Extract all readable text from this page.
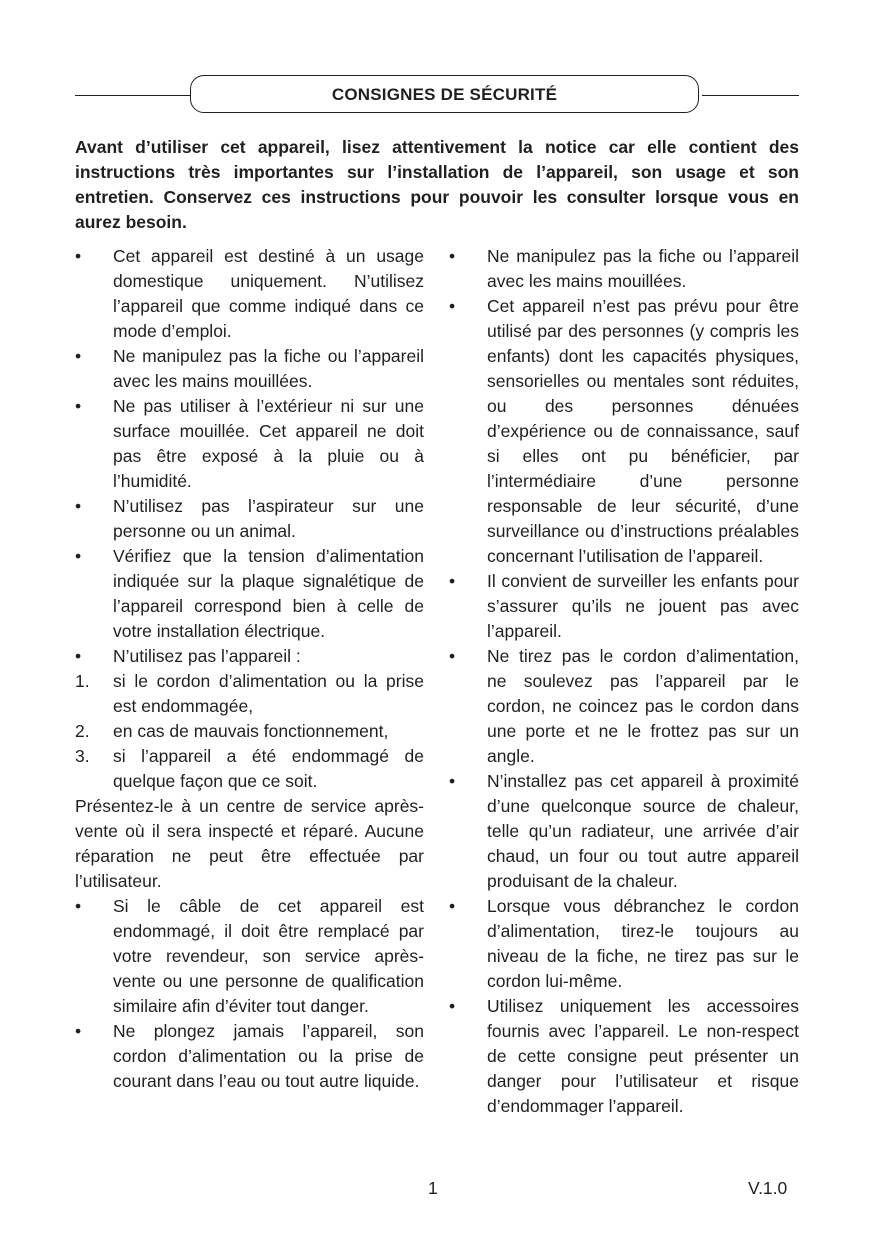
CONSIGNES DE SÉCURITÉ
Avant d’utiliser cet appareil, lisez attentivement la notice car elle contient des instructions très importantes sur l’installation de l’appareil, son usage et son entretien. Conservez ces instructions pour pouvoir les consulter lorsque vous en aurez besoin.
•	Cet appareil est destiné à un usage domestique uniquement. N’utilisez l’appareil que comme indiqué dans ce mode d’emploi.
•	Ne manipulez pas la fiche ou l’appareil avec les mains mouillées.
•	Ne pas utiliser à l’extérieur ni sur une surface mouillée. Cet appareil ne doit pas être exposé à la pluie ou à l’humidité.
•	N’utilisez pas l’aspirateur sur une personne ou un animal.
•	Vérifiez que la tension d’alimentation indiquée sur la plaque signalétique de l’appareil correspond bien à celle de votre installation électrique.
•	N’utilisez pas l’appareil :
1.	si le cordon d’alimentation ou la prise est endommagée,
2.	en cas de mauvais fonctionnement,
3.	si l’appareil a été endommagé de quelque façon que ce soit.
Présentez-le à un centre de service après-vente où il sera inspecté et réparé. Aucune réparation ne peut être effectuée par l’utilisateur.
•	Si le câble de cet appareil est endommagé, il doit être remplacé par votre revendeur, son service après-vente ou une personne de qualification similaire afin d’éviter tout danger.
•	Ne plongez jamais l’appareil, son cordon d’alimentation ou la prise de courant dans l’eau ou tout autre liquide.
•	Ne manipulez pas la fiche ou l’appareil avec les mains mouillées.
•	Cet appareil n’est pas prévu pour être utilisé par des personnes (y compris les enfants) dont les capacités physiques, sensorielles ou mentales sont réduites, ou des personnes dénuées d’expérience ou de connaissance, sauf si elles ont pu bénéficier, par l’intermédiaire d’une personne responsable de leur sécurité, d’une surveillance ou d’instructions préalables concernant l’utilisation de l’appareil.
•	Il convient de surveiller les enfants pour s’assurer qu’ils ne jouent pas avec l’appareil.
•	Ne tirez pas le cordon d’alimentation, ne soulevez pas l’appareil par le cordon, ne coincez pas le cordon dans une porte et ne le frottez pas sur un angle.
•	N’installez pas cet appareil à proximité d’une quelconque source de chaleur, telle qu’un radiateur, une arrivée d’air chaud, un four ou tout autre appareil produisant de la chaleur.
•	Lorsque vous débranchez le cordon d’alimentation, tirez-le toujours au niveau de la fiche, ne tirez pas sur le cordon lui-même.
•	Utilisez uniquement les accessoires fournis avec l’appareil. Le non-respect de cette consigne peut présenter un danger pour l’utilisateur et risque d’endommager l’appareil.
1	V.1.0
